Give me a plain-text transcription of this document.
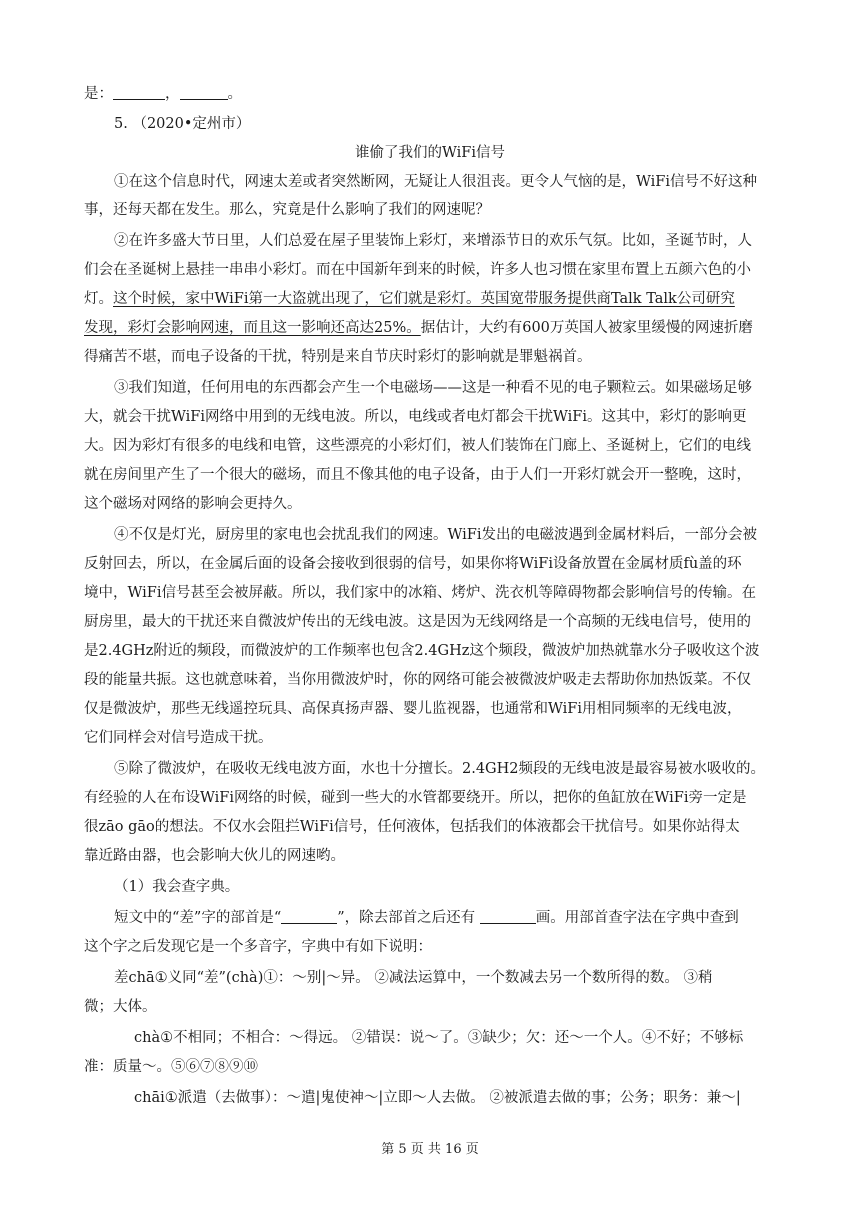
是：	，	。
5. （2020•定州市）
谁偷了我们的WiFi信号
①在这个信息时代，网速太差或者突然断网，无疑让人很沮丧。更令人气恼的是，WiFi信号不好这种
事，还每天都在发生。那么，究竟是什么影响了我们的网速呢？
②在许多盛大节日里，人们总爱在屋子里装饰上彩灯，来增添节日的欢乐气氛。比如，圣诞节时，人
们会在圣诞树上悬挂一串串小彩灯。而在中国新年到来的时候，许多人也习惯在家里布置上五颜六色的小
灯。这个时候，家中WiFi第一大盗就出现了，它们就是彩灯。英国宽带服务提供商Talk Talk公司研究
发现，彩灯会影响网速，而且这一影响还高达25%。据估计，大约有600万英国人被家里缓慢的网速折磨
得痛苦不堪，而电子设备的干扰，特别是来自节庆时彩灯的影响就是罪魁祸首。
③我们知道，任何用电的东西都会产生一个电磁场——这是一种看不见的电子颗粒云。如果磁场足够
大，就会干扰WiFi网络中用到的无线电波。所以，电线或者电灯都会干扰WiFi。这其中，彩灯的影响更
大。因为彩灯有很多的电线和电管，这些漂亮的小彩灯们，被人们装饰在门廊上、圣诞树上，它们的电线
就在房间里产生了一个很大的磁场，而且不像其他的电子设备，由于人们一开彩灯就会开一整晚，这时，
这个磁场对网络的影响会更持久。
④不仅是灯光，厨房里的家电也会扰乱我们的网速。WiFi发出的电磁波遇到金属材料后，一部分会被
反射回去，所以，在金属后面的设备会接收到很弱的信号，如果你将WiFi设备放置在金属材质fù盖的环
境中，WiFi信号甚至会被屏蔽。所以，我们家中的冰箱、烤炉、洗衣机等障碍物都会影响信号的传输。在
厨房里，最大的干扰还来自微波炉传出的无线电波。这是因为无线网络是一个高频的无线电信号，使用的
是2.4GHz附近的频段，而微波炉的工作频率也包含2.4GHz这个频段，微波炉加热就靠水分子吸收这个波
段的能量共振。这也就意味着，当你用微波炉时，你的网络可能会被微波炉吸走去帮助你加热饭菜。不仅
仅是微波炉，那些无线遥控玩具、高保真扬声器、婴儿监视器，也通常和WiFi用相同频率的无线电波，
它们同样会对信号造成干扰。
⑤除了微波炉，在吸收无线电波方面，水也十分擅长。2.4GH2频段的无线电波是最容易被水吸收的。
有经验的人在布设WiFi网络的时候，碰到一些大的水管都要绕开。所以，把你的鱼缸放在WiFi旁一定是
很zāo gāo的想法。不仅水会阻拦WiFi信号，任何液体，包括我们的体液都会干扰信号。如果你站得太
靠近路由器，也会影响大伙儿的网速哟。
（1）我会查字典。
短文中的“差”字的部首是“	”，除去部首之后还有	画。用部首查字法在字典中查到
这个字之后发现它是一个多音字，字典中有如下说明：
差chā①义同“差”(chà)①：～别|～异。 ②减法运算中，一个数减去另一个数所得的数。 ③稍
微；大体。
chà①不相同；不相合：～得远。 ②错误：说～了。③缺少；欠：还～一个人。④不好；不够标
准：质量～。⑤⑥⑦⑧⑨⑩
chāi①派遣（去做事）：～遣|鬼使神～|立即～人去做。 ②被派遣去做的事；公务；职务：兼～|
第 5 页 共 16 页
